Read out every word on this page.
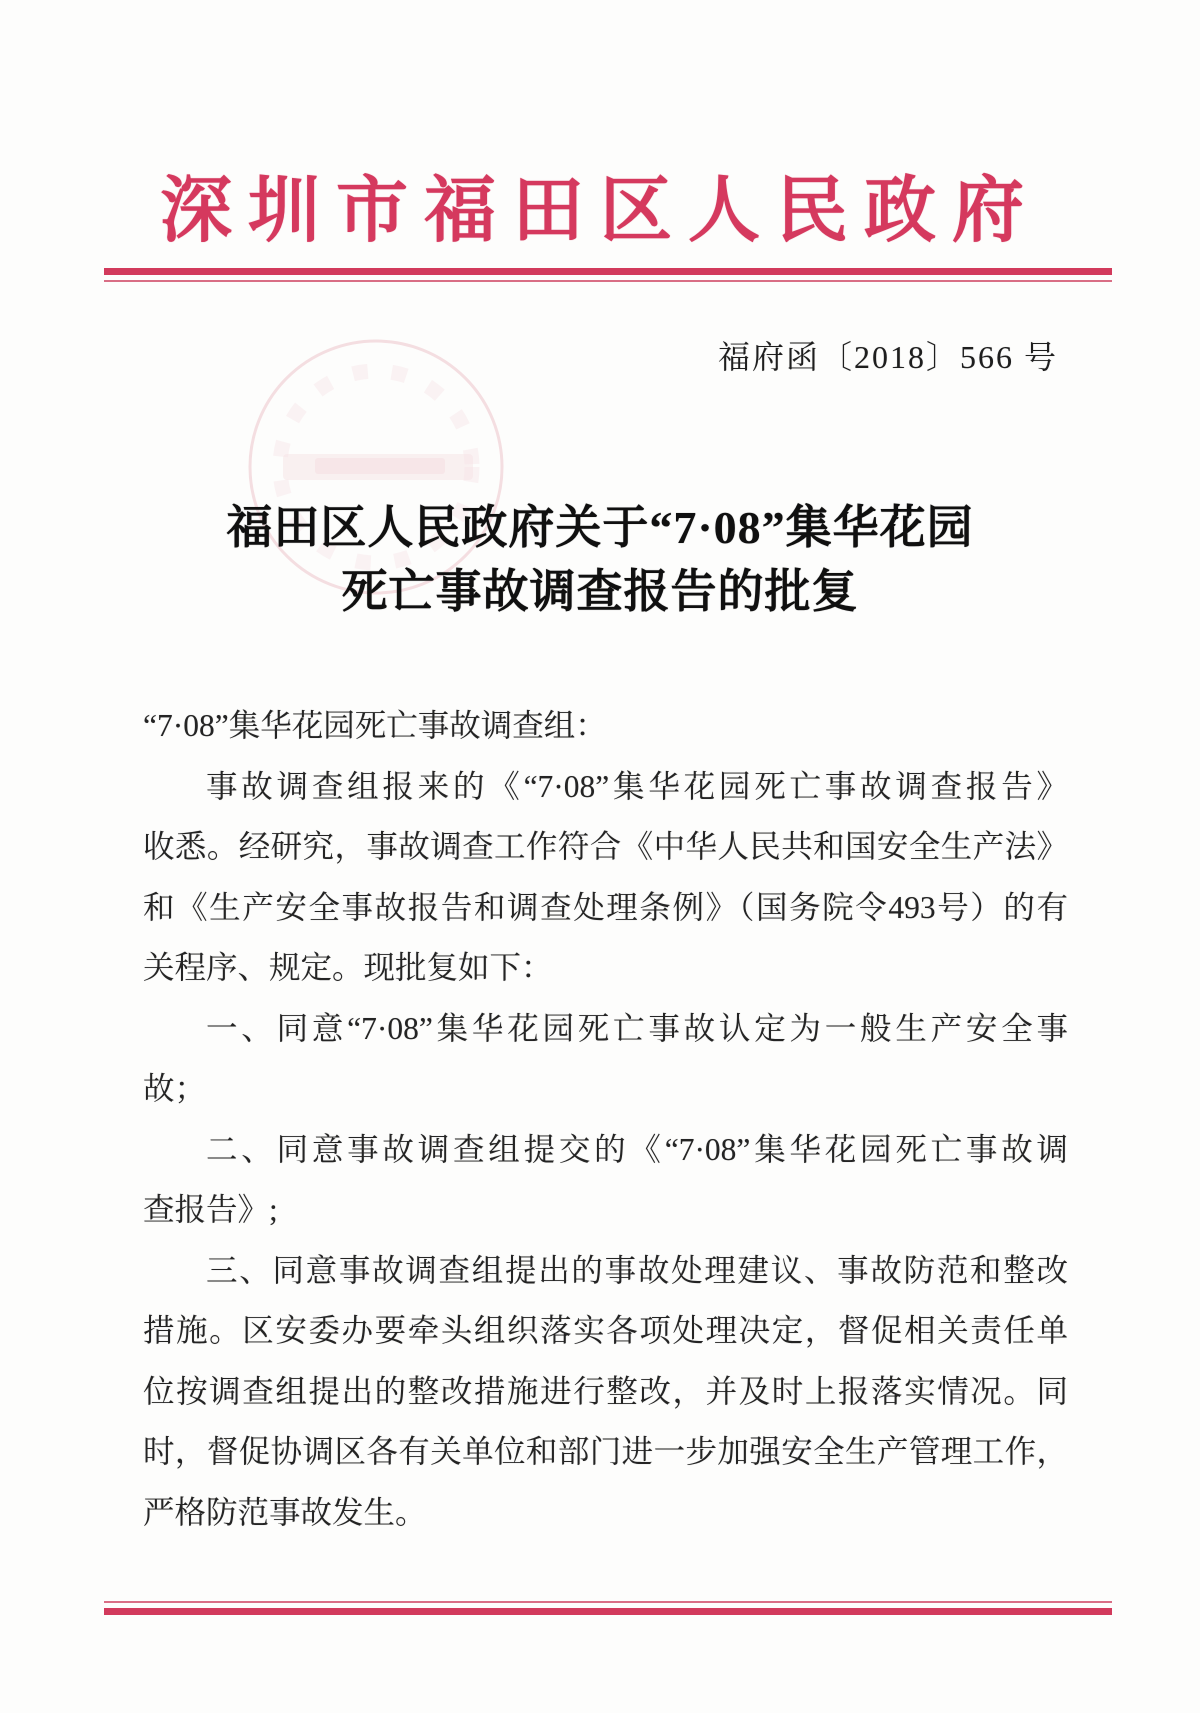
深圳市福田区人民政府
福府函〔2018〕566 号
福田区人民政府关于“7·08”集华花园
死亡事故调查报告的批复
“7·08”集华花园死亡事故调查组：
事故调查组报来的《“7·08”集华花园死亡事故调查报告》
收悉。经研究，事故调查工作符合《中华人民共和国安全生产法》
和《生产安全事故报告和调查处理条例》（国务院令493号）的有
关程序、规定。现批复如下：
一、同意“7·08”集华花园死亡事故认定为一般生产安全事
故；
二、同意事故调查组提交的《“7·08”集华花园死亡事故调
查报告》;
三、同意事故调查组提出的事故处理建议、事故防范和整改
措施。区安委办要牵头组织落实各项处理决定，督促相关责任单
位按调查组提出的整改措施进行整改，并及时上报落实情况。同
时，督促协调区各有关单位和部门进一步加强安全生产管理工作，
严格防范事故发生。
